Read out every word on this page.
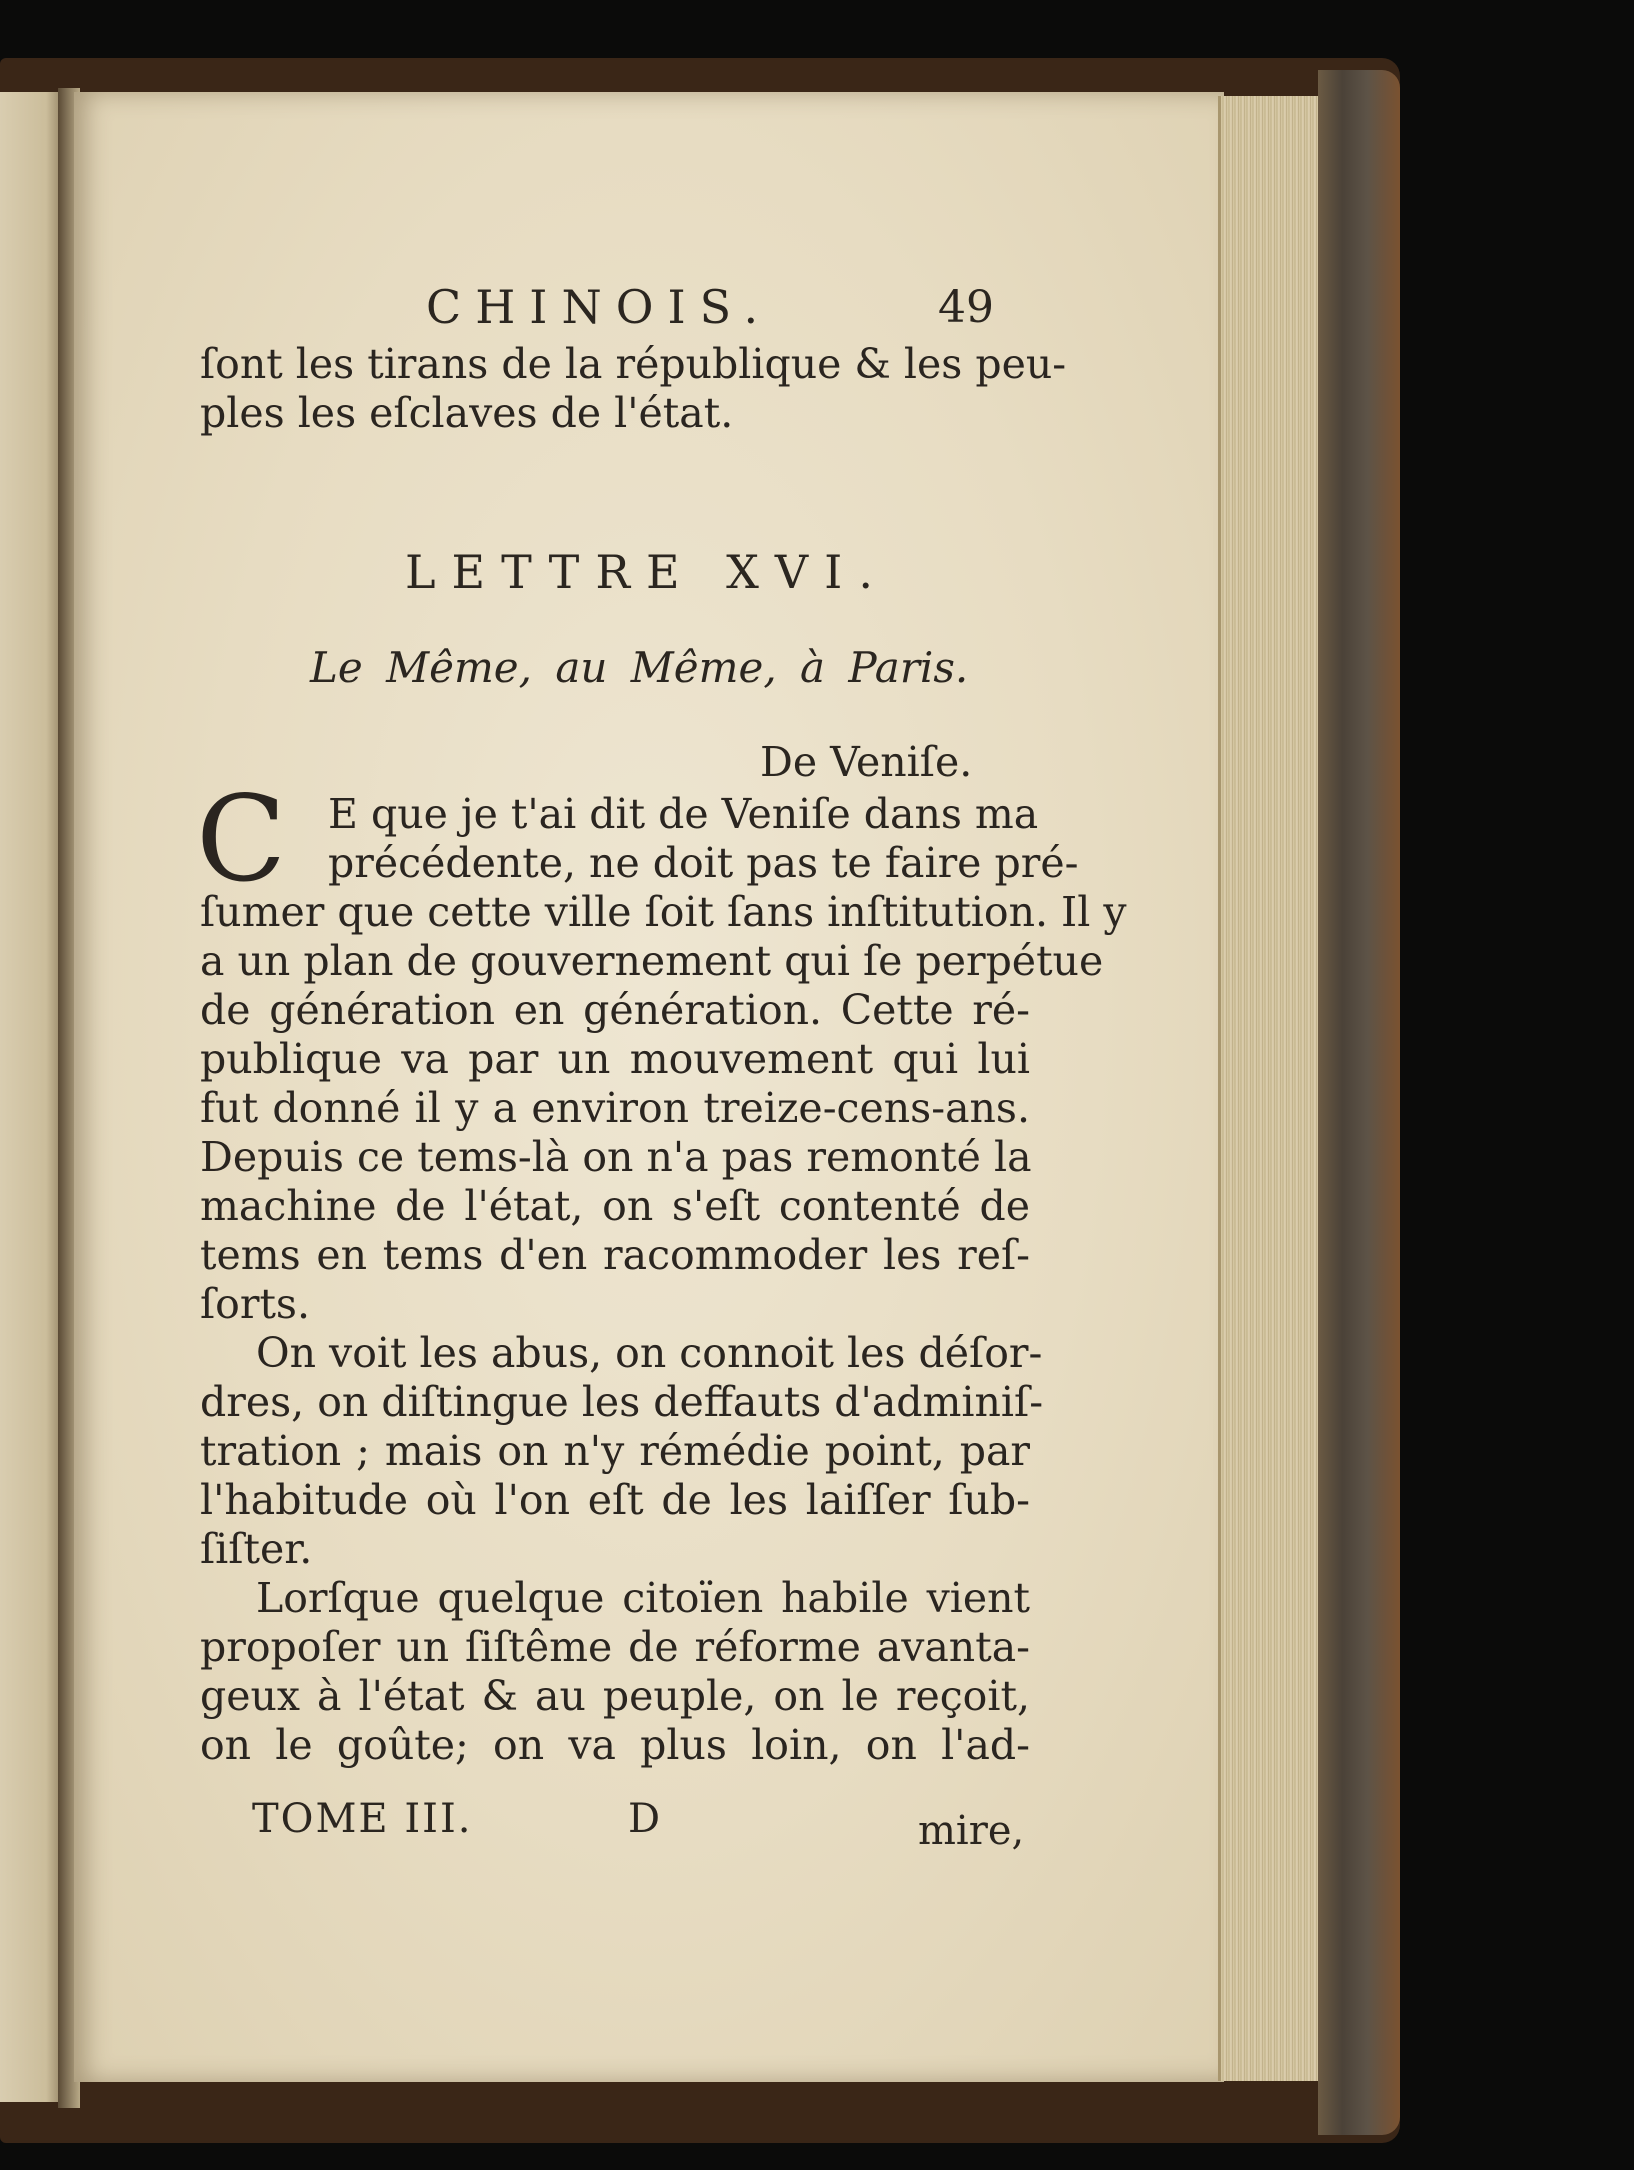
CHINOIS.	49
ſont les tirans de la république & les peu-
ples les eſclaves de l'état.
LETTRE XVI.
Le Même, au Même, à Paris.
De Veniſe.
C	E que je t'ai dit de Veniſe dans ma
précédente, ne doit pas te faire pré-
ſumer que cette ville ſoit ſans inſtitution. Il y
a un plan de gouvernement qui ſe perpétue
de génération en génération. Cette ré-
publique va par un mouvement qui lui
fut donné il y a environ treize-cens-ans.
Depuis ce tems-là on n'a pas remonté la
machine de l'état, on s'eſt contenté de
tems en tems d'en racommoder les reſ-
ſorts.
On voit les abus, on connoit les déſor-
dres, on diſtingue les deffauts d'adminiſ-
tration ; mais on n'y rémédie point, par
l'habitude où l'on eſt de les laiſſer ſub-
ſiſter.
Lorſque quelque citoïen habile vient
propoſer un ſiſtême de réforme avanta-
geux à l'état & au peuple, on le reçoit,
on le goûte; on va plus loin, on l'ad-
TOME III.	D	mire,
